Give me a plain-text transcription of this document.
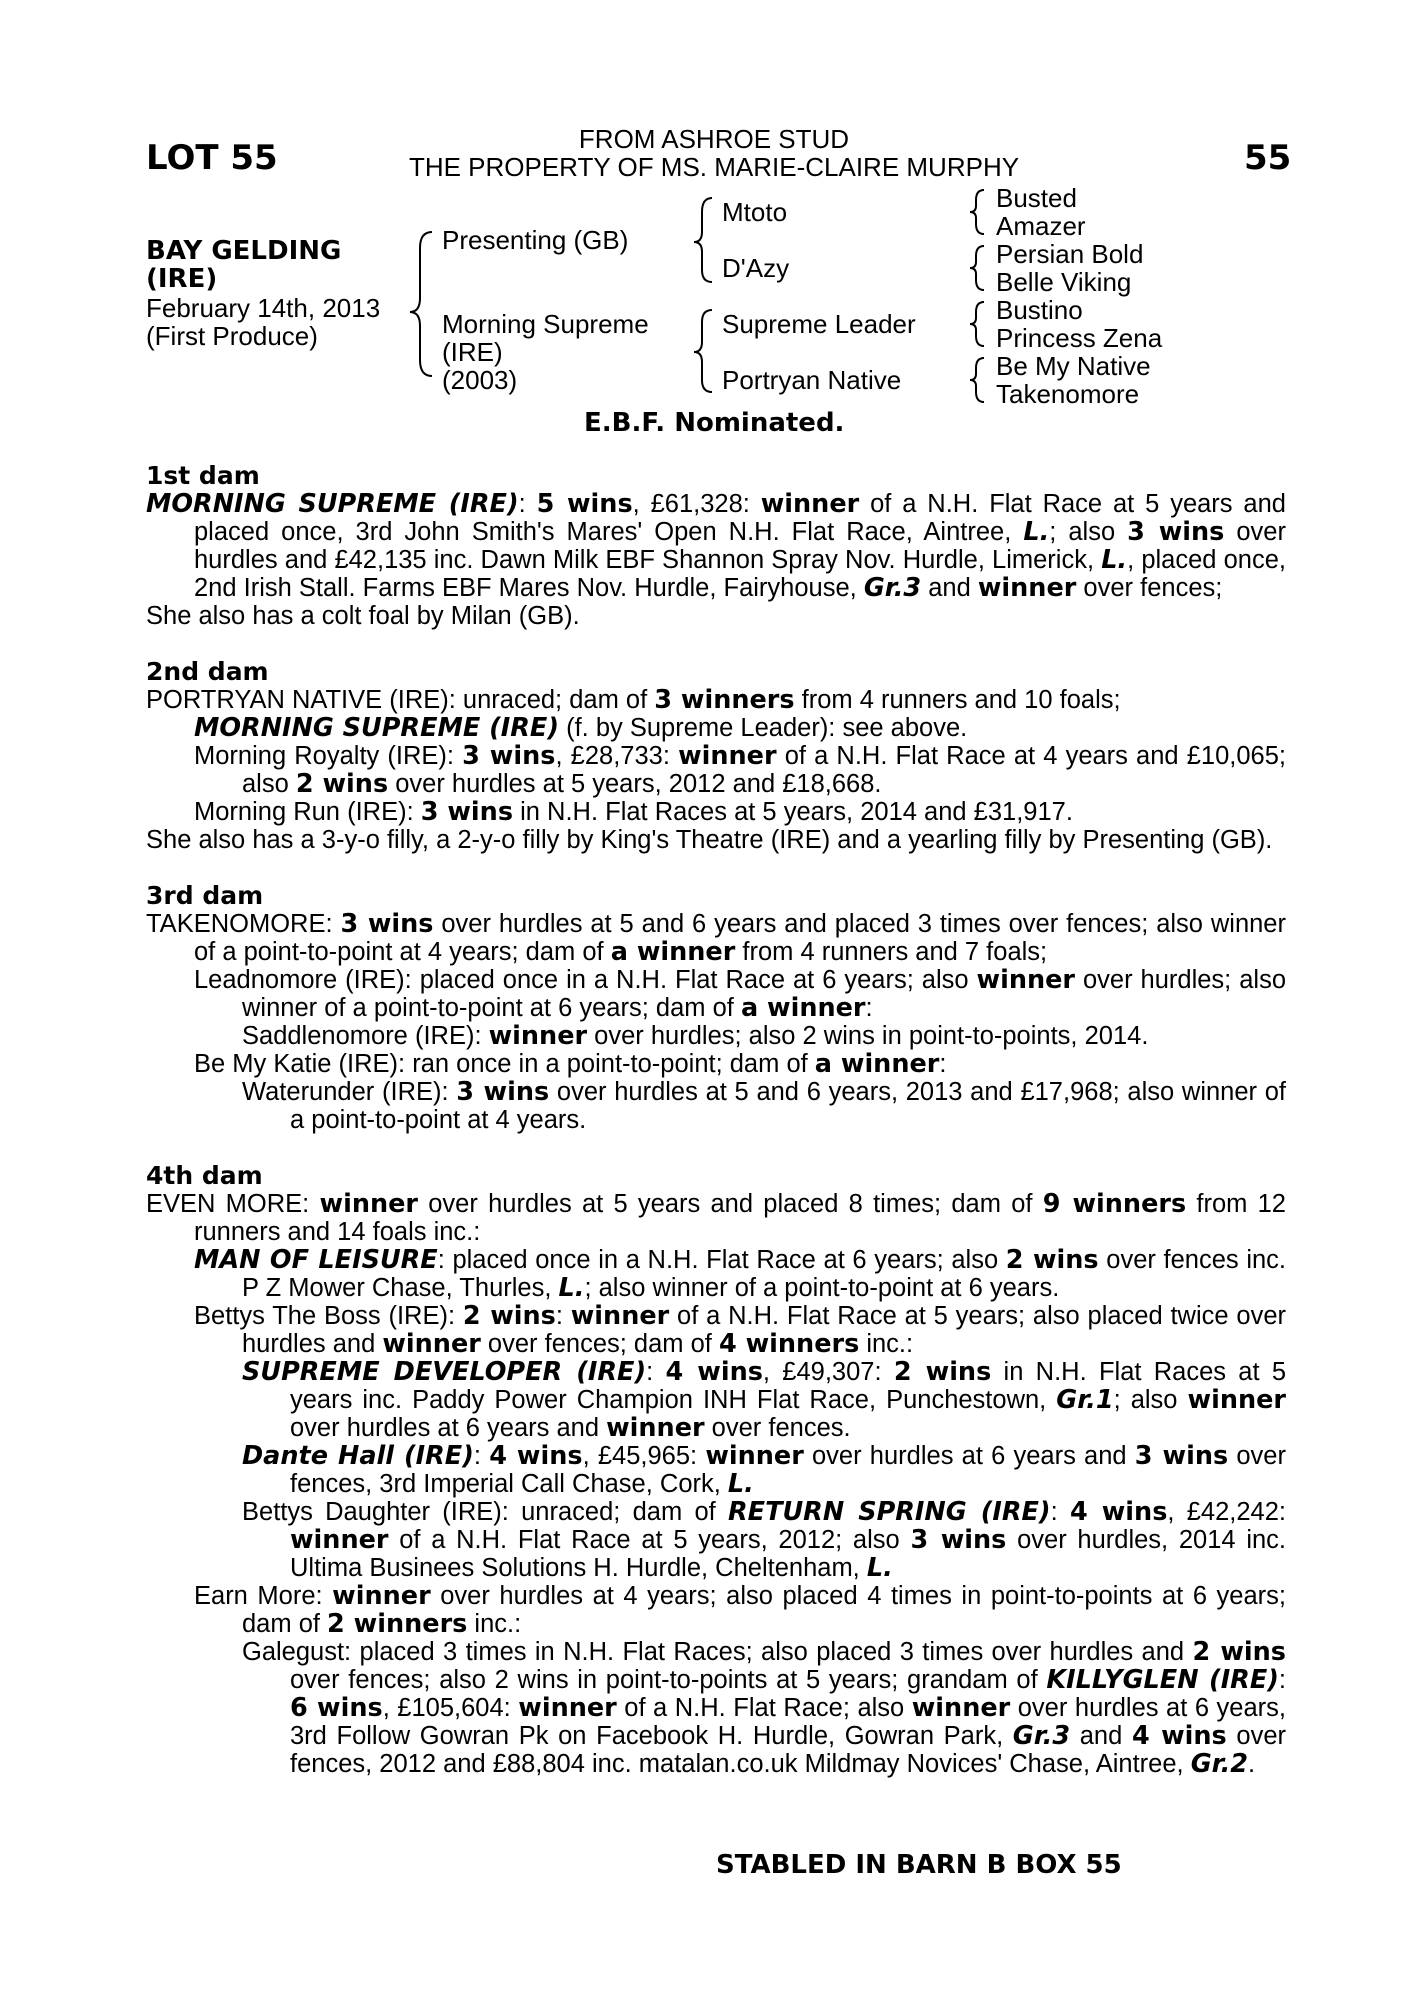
LOT 55	55
FROM ASHROE STUD
THE PROPERTY OF MS. MARIE-CLAIRE MURPHY
BAY GELDING
(IRE)
February 14th, 2013
(First Produce)
Presenting (GB)
Morning Supreme
(IRE)
(2003)
Mtoto
D'Azy
Supreme Leader
Portryan Native
Busted
Amazer
Persian Bold
Belle Viking
Bustino
Princess Zena
Be My Native
Takenomore
E.B.F. Nominated.

1st dam

MORNING SUPREME (IRE): 5 wins, £61,328: winner of a N.H. Flat Race at 5 years and placed once, 3rd John Smith's Mares' Open N.H. Flat Race, Aintree, L.; also 3 wins over hurdles and £42,135 inc. Dawn Milk EBF Shannon Spray Nov. Hurdle, Limerick, L., placed once, 2nd Irish Stall. Farms EBF Mares Nov. Hurdle, Fairyhouse, Gr.3 and winner over fences;

She also has a colt foal by Milan (GB).

2nd dam

PORTRYAN NATIVE (IRE): unraced; dam of 3 winners from 4 runners and 10 foals;

MORNING SUPREME (IRE) (f. by Supreme Leader): see above.

Morning Royalty (IRE): 3 wins, £28,733: winner of a N.H. Flat Race at 4 years and £10,065; also 2 wins over hurdles at 5 years, 2012 and £18,668.

Morning Run (IRE): 3 wins in N.H. Flat Races at 5 years, 2014 and £31,917.

She also has a 3-y-o filly, a 2-y-o filly by King's Theatre (IRE) and a yearling filly by Presenting (GB).

3rd dam

TAKENOMORE: 3 wins over hurdles at 5 and 6 years and placed 3 times over fences; also winner of a point-to-point at 4 years; dam of a winner from 4 runners and 7 foals;

Leadnomore (IRE): placed once in a N.H. Flat Race at 6 years; also winner over hurdles; also winner of a point-to-point at 6 years; dam of a winner:

Saddlenomore (IRE): winner over hurdles; also 2 wins in point-to-points, 2014.

Be My Katie (IRE): ran once in a point-to-point; dam of a winner:

Waterunder (IRE): 3 wins over hurdles at 5 and 6 years, 2013 and £17,968; also winner of a point-to-point at 4 years.

4th dam

EVEN MORE: winner over hurdles at 5 years and placed 8 times; dam of 9 winners from 12 runners and 14 foals inc.:

MAN OF LEISURE: placed once in a N.H. Flat Race at 6 years; also 2 wins over fences inc. P Z Mower Chase, Thurles, L.; also winner of a point-to-point at 6 years.

Bettys The Boss (IRE): 2 wins: winner of a N.H. Flat Race at 5 years; also placed twice over hurdles and winner over fences; dam of 4 winners inc.:

SUPREME DEVELOPER (IRE): 4 wins, £49,307: 2 wins in N.H. Flat Races at 5 years inc. Paddy Power Champion INH Flat Race, Punchestown, Gr.1; also winner over hurdles at 6 years and winner over fences.

Dante Hall (IRE): 4 wins, £45,965: winner over hurdles at 6 years and 3 wins over fences, 3rd Imperial Call Chase, Cork, L.

Bettys Daughter (IRE): unraced; dam of RETURN SPRING (IRE): 4 wins, £42,242: winner of a N.H. Flat Race at 5 years, 2012; also 3 wins over hurdles, 2014 inc. Ultima Businees Solutions H. Hurdle, Cheltenham, L.

Earn More: winner over hurdles at 4 years; also placed 4 times in point-to-points at 6 years; dam of 2 winners inc.:

Galegust: placed 3 times in N.H. Flat Races; also placed 3 times over hurdles and 2 wins over fences; also 2 wins in point-to-points at 5 years; grandam of KILLYGLEN (IRE): 6 wins, £105,604: winner of a N.H. Flat Race; also winner over hurdles at 6 years, 3rd Follow Gowran Pk on Facebook H. Hurdle, Gowran Park, Gr.3 and 4 wins over fences, 2012 and £88,804 inc. matalan.co.uk Mildmay Novices' Chase, Aintree, Gr.2.

STABLED IN BARN B BOX 55
